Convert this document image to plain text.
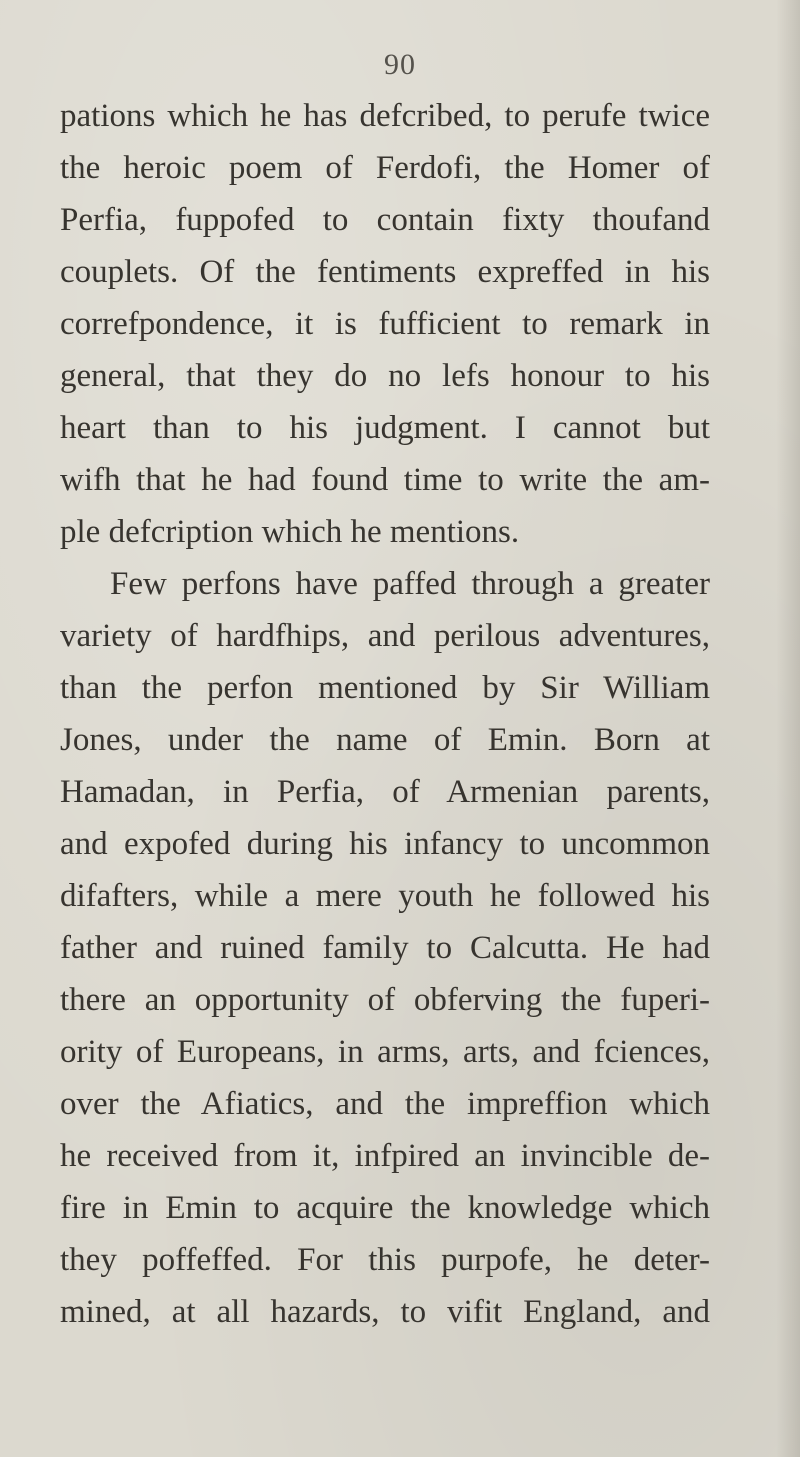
90
pations which he has defcribed, to perufe twice
the heroic poem of Ferdofi, the Homer of
Perfia, fuppofed to contain fixty thoufand
couplets. Of the fentiments expreffed in his
correfpondence, it is fufficient to remark in
general, that they do no lefs honour to his
heart than to his judgment. I cannot but
wifh that he had found time to write the am-
ple defcription which he mentions.
Few perfons have paffed through a greater
variety of hardfhips, and perilous adventures,
than the perfon mentioned by Sir William
Jones, under the name of Emin. Born at
Hamadan, in Perfia, of Armenian parents,
and expofed during his infancy to uncommon
difafters, while a mere youth he followed his
father and ruined family to Calcutta. He had
there an opportunity of obferving the fuperi-
ority of Europeans, in arms, arts, and fciences,
over the Afiatics, and the impreffion which
he received from it, infpired an invincible de-
fire in Emin to acquire the knowledge which
they poffeffed. For this purpofe, he deter-
mined, at all hazards, to vifit England, and
